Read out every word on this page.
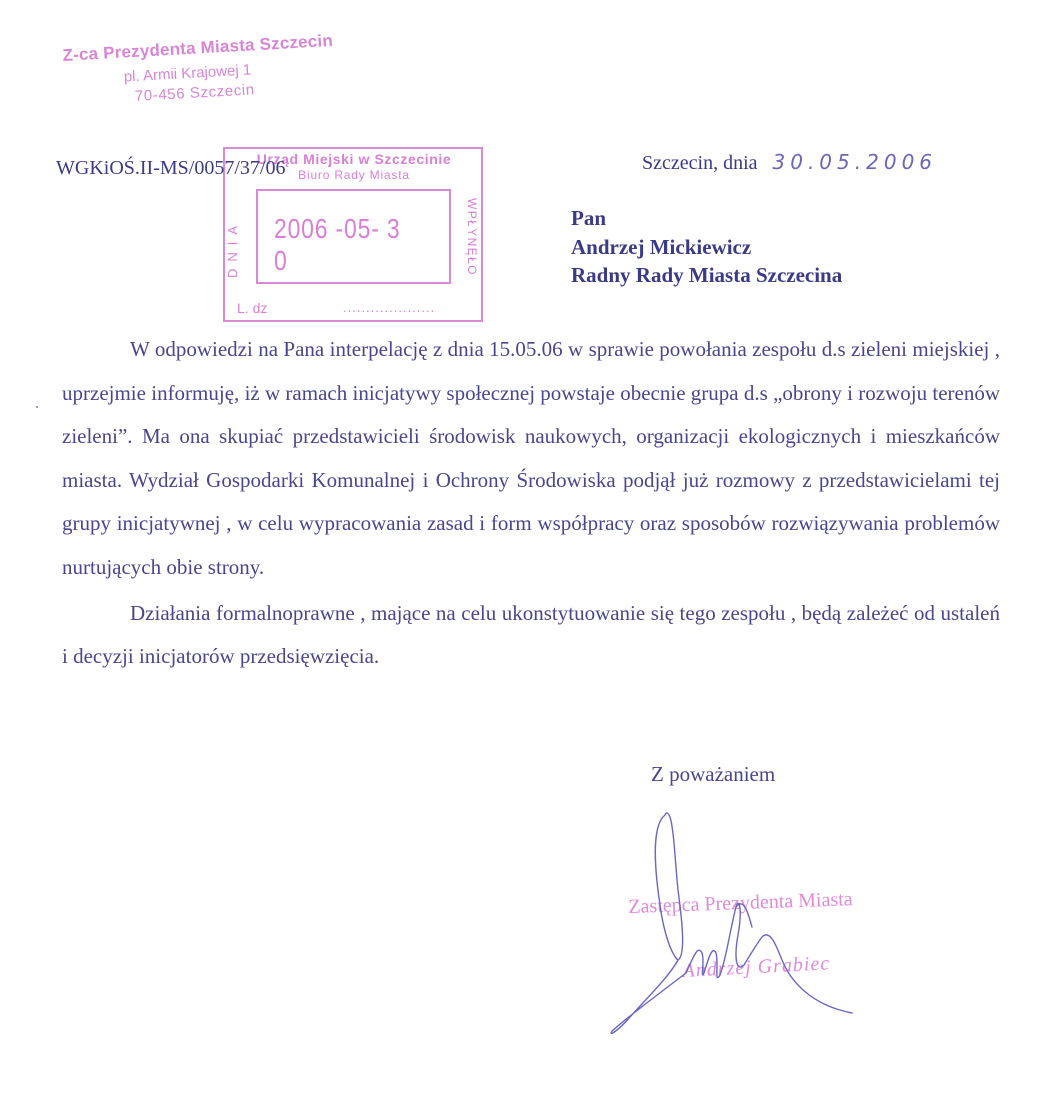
Z-ca Prezydenta Miasta Szczecin
pl. Armii Krajowej 1
70-456 Szczecin
Urząd Miejski w Szczecinie
Biuro Rady Miasta
DNIA	2006 -05- 3 0	WPŁYNĘŁO
L. dz	....................
WGKiOŚ.II-MS/0057/37/06	Szczecin, dnia 30.05.2006
Pan
Andrzej Mickiewicz
Radny Rady Miasta Szczecina

W odpowiedzi na Pana interpelację z dnia 15.05.06 w sprawie powołania zespołu d.s zieleni miejskiej , uprzejmie informuję, iż w ramach inicjatywy społecznej powstaje obecnie grupa d.s „obrony i rozwoju terenów zieleni”. Ma ona skupiać przedstawicieli środowisk naukowych, organizacji ekologicznych i mieszkańców miasta. Wydział Gospodarki Komunalnej i Ochrony Środowiska podjął już rozmowy z przedstawicielami tej grupy inicjatywnej , w celu wypracowania zasad i form współpracy oraz sposobów rozwiązywania problemów nurtujących obie strony.

Działania formalnoprawne , mające na celu ukonstytuowanie się tego zespołu , będą zależeć od ustaleń i decyzji inicjatorów przedsięwzięcia.

Z poważaniem
Zastępca Prezydenta Miasta
Andrzej Grabiec
